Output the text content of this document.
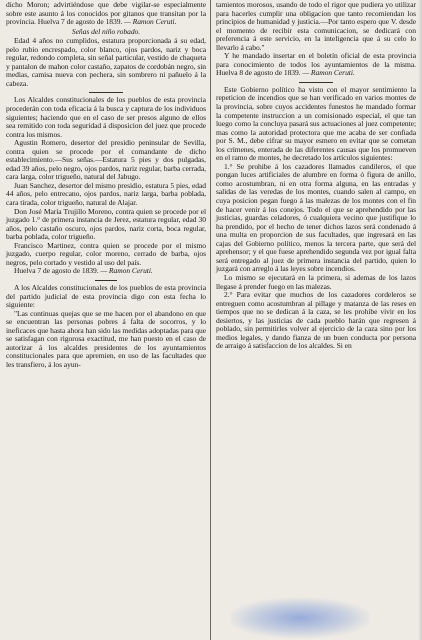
dicho Moron; advirtiéndose que debe vigilar-se especialmente sobre este asunto á los conocidos por gitanos que transitan por la provincia. Huelva 7 de agosto de 1839. — Ramon Ceruti.

Señas del niño robado.

Edad 4 años no cumplidos, estatura proporcionada á su edad, pelo rubio encrespado, color blanco, ojos pardos, nariz y boca regular, redondo completa, sin señal particular, vestido de chaqueta y pantalon de mahon color castaño, zapatos de cordobán negro, sin medias, camisa nueva con pechera, sin sombrero ni pañuelo á la cabeza.

Los Alcaldes constitucionales de los pueblos de esta provincia procederán con toda eficacia á la busca y captura de los individuos siguientes; haciendo que en el caso de ser presos alguno de ellos sea remitido con toda seguridad á disposicion del juez que procede contra los mismos.

Agustin Romero, desertor del presidio peninsular de Sevilla, contra quien se procede por el comandante de dicho establecimiento.—Sus señas.—Estatura 5 pies y dos pulgadas, edad 39 años, pelo negro, ojos pardos, nariz regular, barba cerrada, cara larga, color trigueño, natural del Jabugo.

Juan Sanchez, desertor del mismo presidio, estatura 5 pies, edad 44 años, pelo entrecano, ojos pardos, nariz larga, barba poblada, cara tirada, color trigueño, natural de Alajar.

Don José María Trujillo Moreno, contra quien se procede por el juzgado 1.° de primera instancia de Jerez, estatura regular, edad 30 años, pelo castaño oscuro, ojos pardos, nariz corta, boca regular, barba poblada, color trigueño.

Francisco Martinez, contra quien se procede por el mismo juzgado, cuerpo regular, color moreno, cerrado de barba, ojos negros, pelo cortado y vestido al uso del país.

Huelva 7 de agosto de 1839. — Ramon Ceruti.

A los Alcaldes constitucionales de los pueblos de esta provincia del partido judicial de esta provincia digo con esta fecha lo siguiente:

"Las continuas quejas que se me hacen por el abandono en que se encuentran las personas pobres á falta de socorros, y lo ineficaces que hasta ahora han sido las medidas adoptadas para que se satisfagan con rigorosa exactitud, me han puesto en el caso de autorizar á los alcaldes presidentes de los ayuntamientos constitucionales para que apremien, en uso de las facultades que les transfiero, á los ayun-

tamientos morosos, usando de todo el rigor que pudiera yo utilizar para hacerles cumplir una obligacion que tanto recomiendan los principios de humanidad y justicia.—Por tanto espero que V. desde el momento de recibir esta comunicacion, se dedicará con preferencia á este servicio, en la inteligencia que á su celo lo llevarlo á cabo."

Y he mandado insertar en el boletín oficial de esta provincia para conocimiento de todos los ayuntamientos de la misma. Huelva 8 de agosto de 1839. — Ramon Ceruti.

Este Gobierno político ha visto con el mayor sentimiento la repeticion de incendios que se han verificado en varios montes de la provincia, sobre cuyos accidentes funestos he mandado formar la competente instruccion a un comisionado especial, el que tan luego como la concluya pasará sus actuaciones al juez competente; mas como la autoridad protectora que me acaba de ser confiada por S. M., debe cifrar su mayor esmero en evitar que se cometan los crímenes, enterada de las diferentes causas que los promueven en el ramo de montes, he decretado los artículos siguientes:

1.° Se prohibe á los cazadores llamados candileros, el que pongan luces artificiales de alumbre en forma ó figura de anillo, como acostumbran, ni en otra forma alguna, en las entradas y salidas de las veredas de los montes, cuando salen al campo, en cuya posicion pegan fuego á las malezas de los montes con el fin de hacer venir á los conejos. Todo el que se aprehendido por las justicias, guardas celadores, ó cualquiera vecino que justifique lo ha prendido, por el hecho de tener dichos lazos será condenado á una multa en proporcion de sus facultades, que ingresará en las cajas del Gobierno político, menos la tercera parte, que será del aprehensor; y el que fuese aprehendido segunda vez por igual falta será entregado al juez de primera instancia del partido, quien lo juzgará con arreglo á las leyes sobre incendios.

Lo mismo se ejecutará en la primera, si ademas de los lazos llegase á prender fuego en las malezas.

2.° Para evitar que muchos de los cazadores cordeleros se entreguen como acostumbran al pillage y matanza de las reses en tiempos que no se dedican á la caza, se les prohibe vivir en los desiertos, y las justicias de cada pueblo harán que regresen á poblado, sin permitirles volver al ejercicio de la caza sino por los medios legales, y dando fianza de un buen conducta por persona de arraigo á satisfaccion de los alcaldes. Si en
